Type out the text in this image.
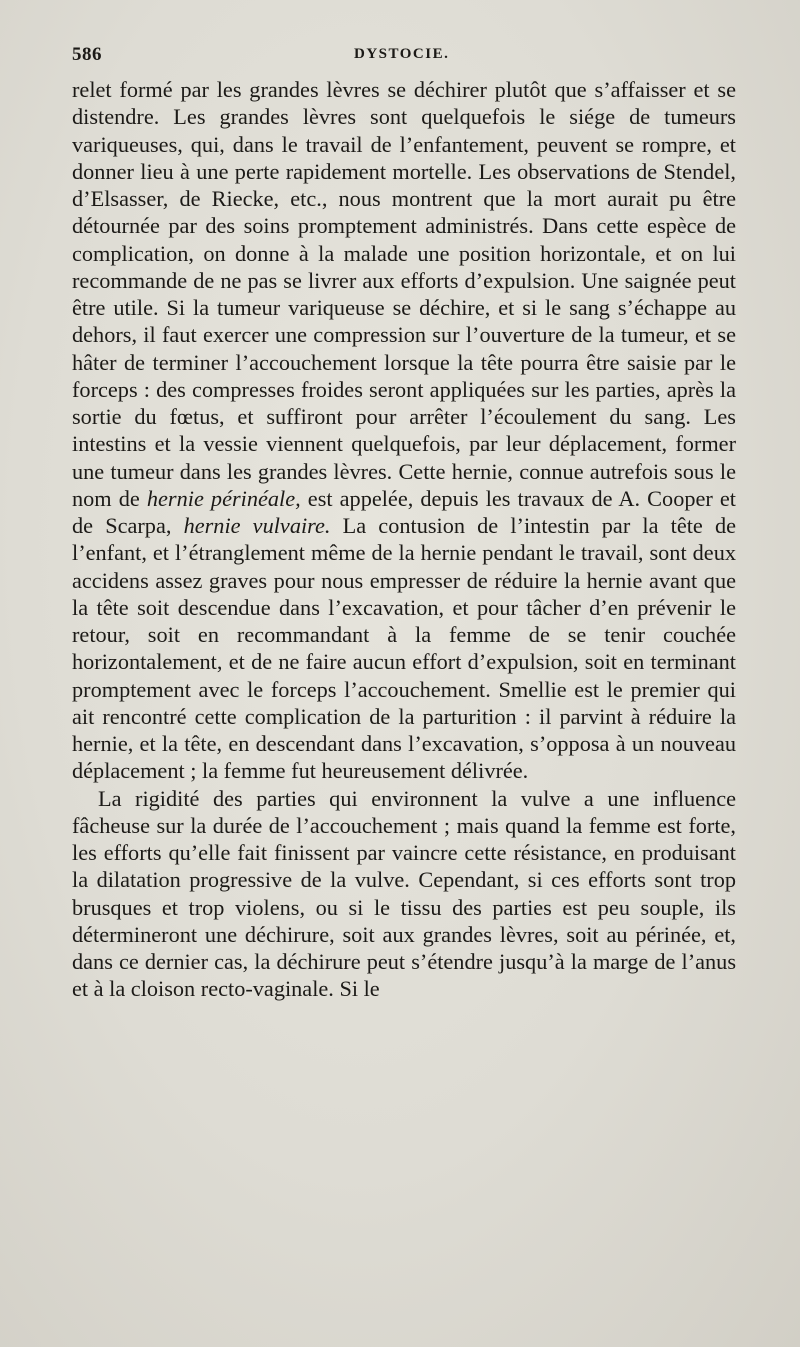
586	DYSTOCIE.

relet formé par les grandes lèvres se déchirer plutôt que s’affaisser et se distendre. Les grandes lèvres sont quelquefois le siége de tumeurs variqueuses, qui, dans le travail de l’enfantement, peuvent se rompre, et donner lieu à une perte rapidement mortelle. Les observations de Stendel, d’Elsasser, de Riecke, etc., nous montrent que la mort aurait pu être détournée par des soins promptement administrés. Dans cette espèce de complication, on donne à la malade une position horizontale, et on lui recommande de ne pas se livrer aux efforts d’expulsion. Une saignée peut être utile. Si la tumeur variqueuse se déchire, et si le sang s’échappe au dehors, il faut exercer une compression sur l’ouverture de la tumeur, et se hâter de terminer l’accouchement lorsque la tête pourra être saisie par le forceps : des compresses froides seront appliquées sur les parties, après la sortie du fœtus, et suffiront pour arrêter l’écoulement du sang. Les intestins et la vessie viennent quelquefois, par leur déplacement, former une tumeur dans les grandes lèvres. Cette hernie, connue autrefois sous le nom de hernie périnéale, est appelée, depuis les travaux de A. Cooper et de Scarpa, hernie vulvaire. La contusion de l’intestin par la tête de l’enfant, et l’étranglement même de la hernie pendant le travail, sont deux accidens assez graves pour nous empresser de réduire la hernie avant que la tête soit descendue dans l’excavation, et pour tâcher d’en prévenir le retour, soit en recommandant à la femme de se tenir couchée horizontalement, et de ne faire aucun effort d’expulsion, soit en terminant promptement avec le forceps l’accouchement. Smellie est le premier qui ait rencontré cette complication de la parturition : il parvint à réduire la hernie, et la tête, en descendant dans l’excavation, s’opposa à un nouveau déplacement ; la femme fut heureusement délivrée.

La rigidité des parties qui environnent la vulve a une influence fâcheuse sur la durée de l’accouchement ; mais quand la femme est forte, les efforts qu’elle fait finissent par vaincre cette résistance, en produisant la dilatation progressive de la vulve. Cependant, si ces efforts sont trop brusques et trop violens, ou si le tissu des parties est peu souple, ils détermineront une déchirure, soit aux grandes lèvres, soit au périnée, et, dans ce dernier cas, la déchirure peut s’étendre jusqu’à la marge de l’anus et à la cloison recto-vaginale. Si le
